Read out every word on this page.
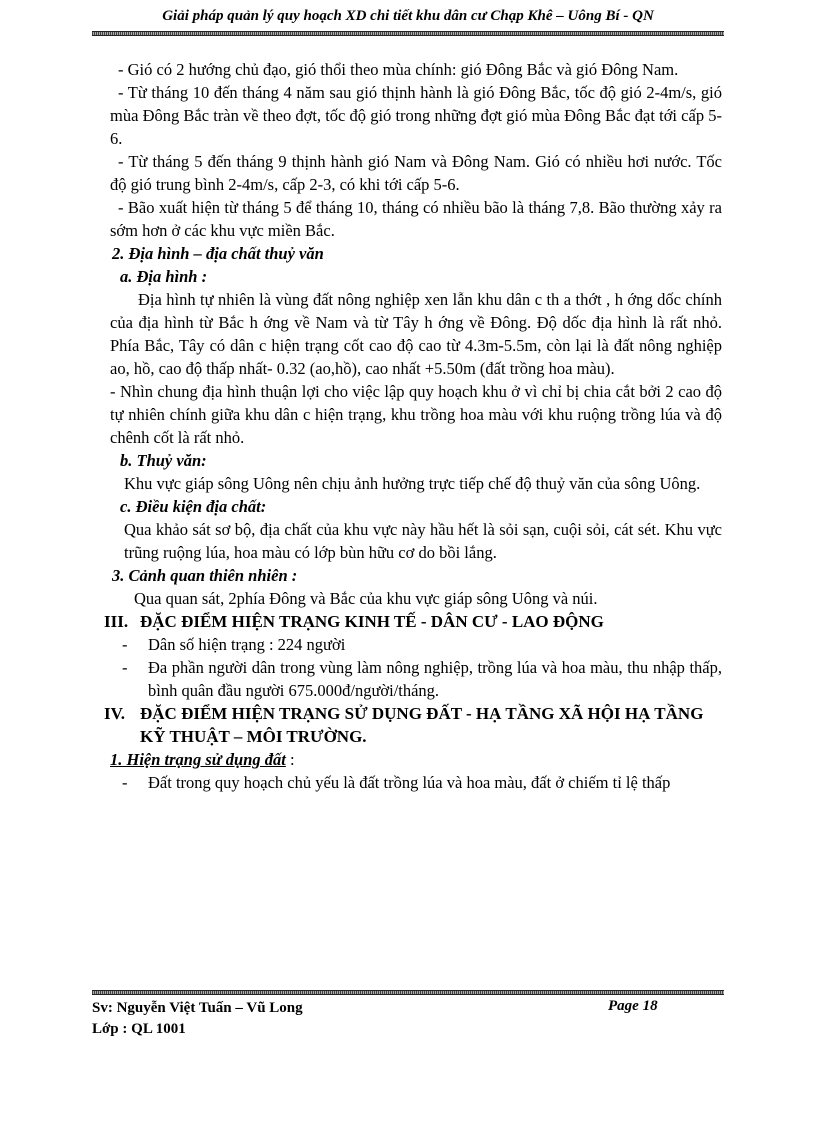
Giải pháp quản lý quy hoạch XD chi tiết khu dân cư Chạp Khê – Uông Bí - QN

- Gió có 2 hướng chủ đạo, gió thổi theo mùa chính: gió Đông Bắc và gió Đông Nam.

- Từ tháng 10 đến tháng 4 năm sau gió thịnh hành là gió Đông Bắc, tốc độ gió 2-4m/s, gió mùa Đông Bắc tràn về theo đợt, tốc độ gió trong những đợt gió mùa Đông Bắc đạt tới cấp 5-6.

- Từ tháng 5 đến tháng 9 thịnh hành gió Nam và Đông Nam. Gió có nhiều hơi nước. Tốc độ gió trung bình 2-4m/s, cấp 2-3, có khi tới cấp 5-6.

- Bão xuất hiện từ tháng 5 để tháng 10, tháng có nhiều bão là tháng 7,8. Bão thường xảy ra sớm hơn ở các khu vực miền Bắc.

2. Địa hình – địa chất thuỷ văn

a. Địa hình :

Địa hình tự nhiên là vùng đất nông nghiệp xen lẫn khu dân c th a thớt , h ớng dốc chính của địa hình từ Bắc h ớng về Nam và từ Tây h ớng về Đông. Độ dốc địa hình là rất nhỏ. Phía Bắc, Tây có dân c hiện trạng cốt cao độ cao từ 4.3m-5.5m, còn lại là đất nông nghiệp ao, hồ, cao độ thấp nhất- 0.32 (ao,hồ), cao nhất +5.50m (đất trồng hoa màu).

- Nhìn chung địa hình thuận lợi cho việc lập quy hoạch khu ở vì chỉ bị chia cắt bởi 2 cao độ tự nhiên chính giữa khu dân c hiện trạng, khu trồng hoa màu với khu ruộng trồng lúa và độ chênh cốt là rất nhỏ.

b. Thuỷ văn:

Khu vực giáp sông Uông nên chịu ảnh hưởng trực tiếp chế độ thuỷ văn của sông Uông.

c. Điều kiện địa chất:

Qua khảo sát sơ bộ, địa chất của khu vực này hầu hết là sỏi sạn, cuội sỏi, cát sét. Khu vực trũng ruộng lúa, hoa màu có lớp bùn hữu cơ do bồi lắng.

3. Cảnh quan thiên nhiên :

Qua quan sát, 2phía Đông và Bắc của khu vực giáp sông Uông và núi.

III. ĐẶC ĐIỂM HIỆN TRẠNG KINH TẾ - DÂN CƯ - LAO ĐỘNG
-	Dân số hiện trạng : 224 người
-	Đa phần người dân trong vùng làm nông nghiệp, trồng lúa và hoa màu, thu nhập thấp, bình quân đầu người 675.000đ/người/tháng.
IV. ĐẶC ĐIỂM HIỆN TRẠNG SỬ DỤNG ĐẤT - HẠ TẦNG XÃ HỘI HẠ TẦNG KỸ THUẬT – MÔI TRƯỜNG.

1. Hiện trạng sử dụng đất :

-	Đất trong quy hoạch chủ yếu là đất trồng lúa và hoa màu, đất ở chiếm tỉ lệ thấp
Sv: Nguyễn Việt Tuấn – Vũ Long
Lớp : QL 1001
Page 18
